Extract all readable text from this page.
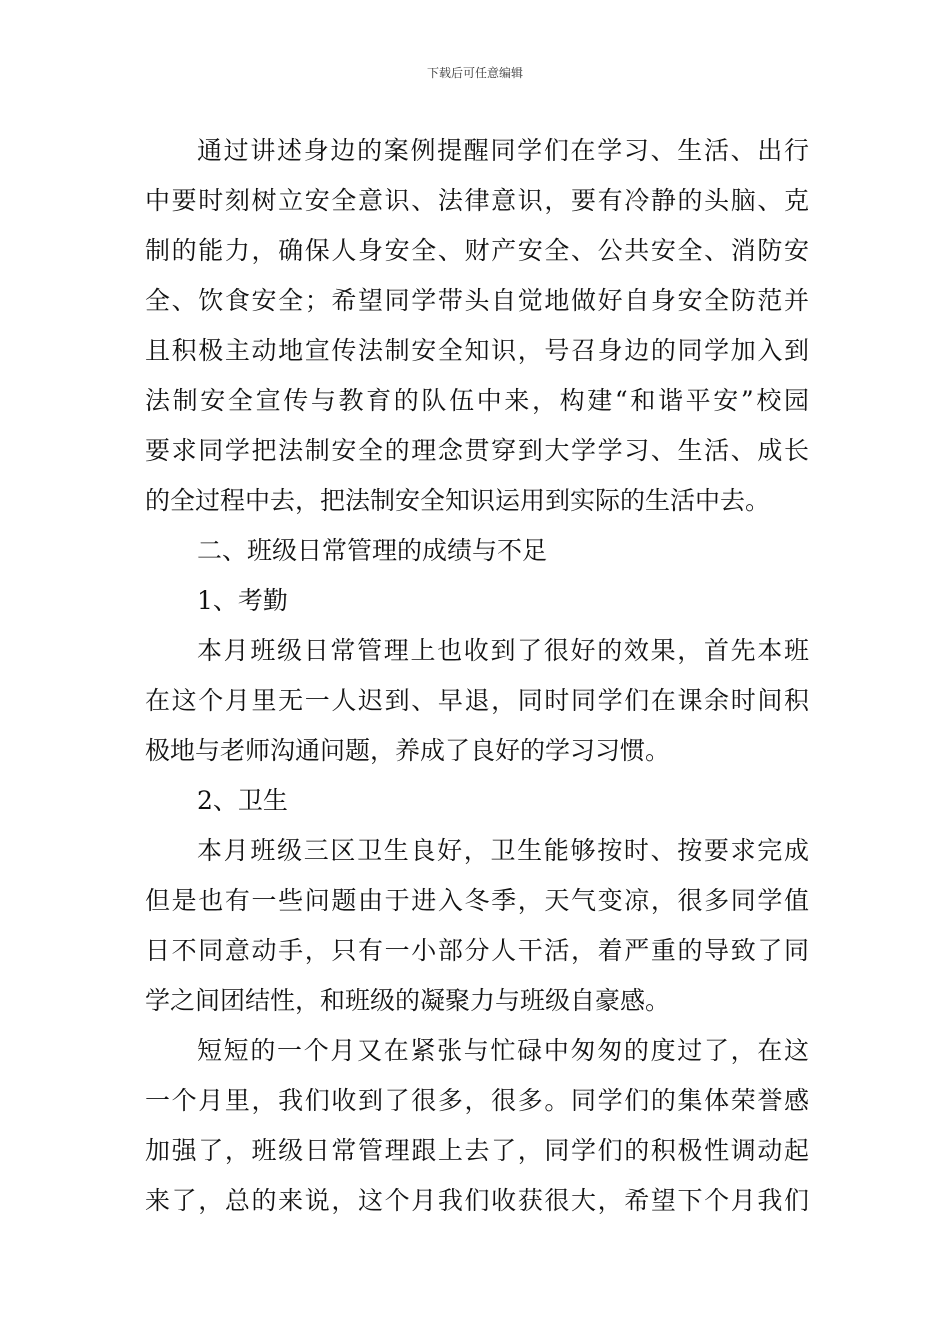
下载后可任意编辑
通过讲述身边的案例提醒同学们在学习、生活、出行
中要时刻树立安全意识、法律意识，要有冷静的头脑、克
制的能力，确保人身安全、财产安全、公共安全、消防安
全、饮食安全；希望同学带头自觉地做好自身安全防范并
且积极主动地宣传法制安全知识，号召身边的同学加入到
法制安全宣传与教育的队伍中来，构建“和谐平安”校园
要求同学把法制安全的理念贯穿到大学学习、生活、成长
的全过程中去，把法制安全知识运用到实际的生活中去。
二、班级日常管理的成绩与不足
1、考勤
本月班级日常管理上也收到了很好的效果，首先本班
在这个月里无一人迟到、早退，同时同学们在课余时间积
极地与老师沟通问题，养成了良好的学习习惯。
2、卫生
本月班级三区卫生良好，卫生能够按时、按要求完成
但是也有一些问题由于进入冬季，天气变凉，很多同学值
日不同意动手，只有一小部分人干活，着严重的导致了同
学之间团结性，和班级的凝聚力与班级自豪感。
短短的一个月又在紧张与忙碌中匆匆的度过了，在这
一个月里，我们收到了很多，很多。同学们的集体荣誉感
加强了，班级日常管理跟上去了，同学们的积极性调动起
来了，总的来说，这个月我们收获很大，希望下个月我们
